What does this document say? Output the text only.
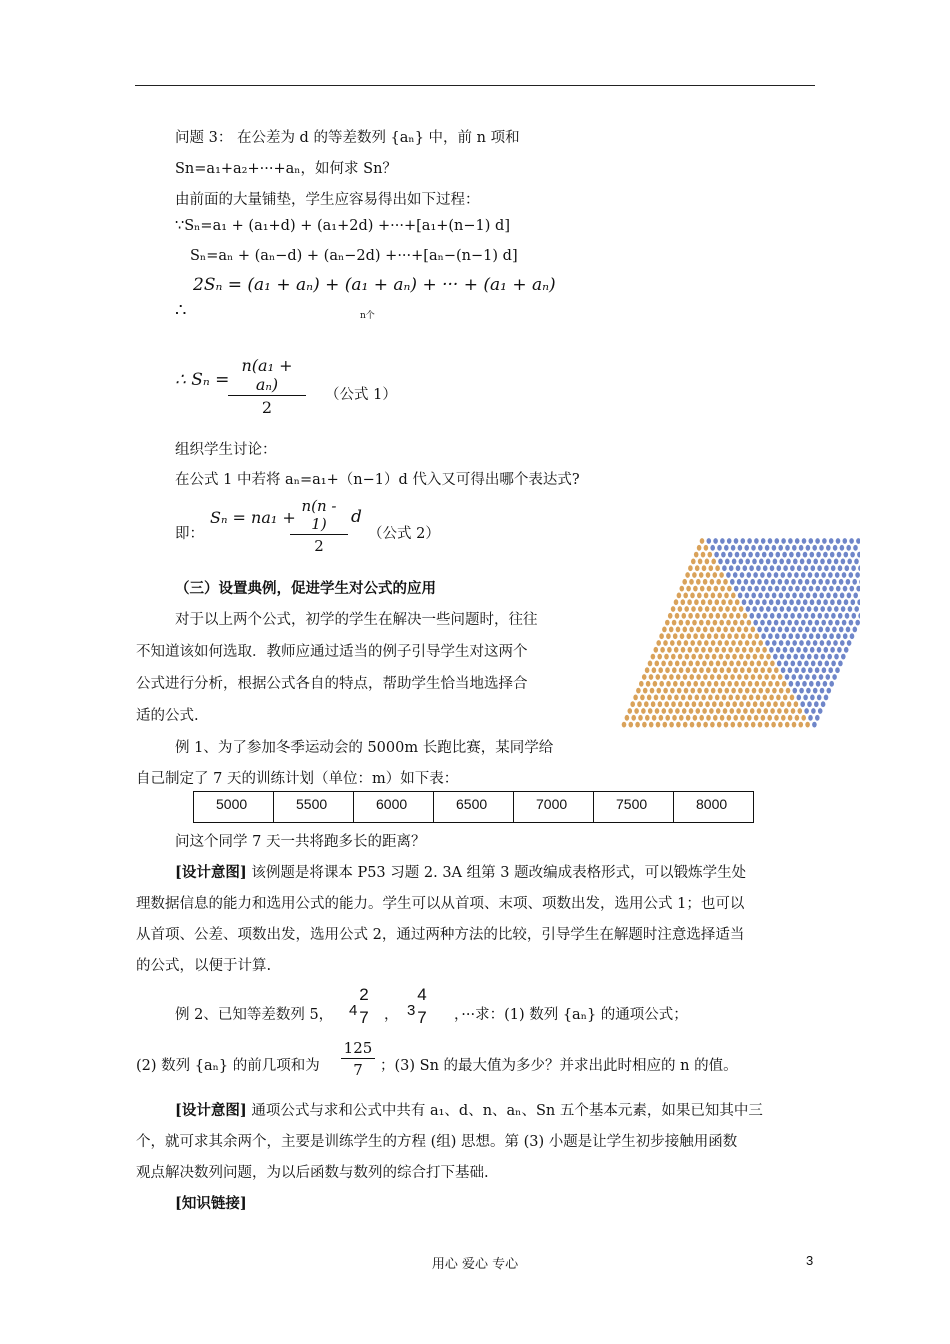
问题 3： 在公差为 d 的等差数列 {aₙ} 中，前 n 项和
Sn=a₁+a₂+···+aₙ，如何求 Sn？
由前面的大量铺垫，学生应容易得出如下过程：
∵Sₙ=a₁ + (a₁+d) + (a₁+2d) +···+[a₁+(n−1) d]
Sₙ=aₙ + (aₙ−d) + (aₙ−2d) +···+[aₙ−(n−1) d]
2Sₙ = (a₁ + aₙ) + (a₁ + aₙ) + ··· + (a₁ + aₙ)
∴	n个
∴ Sₙ =
$\frac{\text{n(a₁ + aₙ)}}{2}$ （公式 1）
组织学生讨论：
在公式 1 中若将 aₙ=a₁+（n−1）d 代入又可得出哪个表达式?
即：
Sₙ = na₁ +
$\frac{n(n - 1)}{2}$ d
（公式 2）
（三）设置典例，促进学生对公式的应用
对于以上两个公式，初学的学生在解决一些问题时，往往
不知道该如何选取．教师应通过适当的例子引导学生对这两个
公式进行分析，根据公式各自的特点，帮助学生恰当地选择合
适的公式.
例 1、为了参加冬季运动会的 5000m 长跑比赛，某同学给
自己制定了 7 天的训练计划（单位：m）如下表：
5000	5500	6000	6500	7000	7500	8000
问这个同学 7 天一共将跑多长的距离？
[设计意图] 该例题是将课本 P53 习题 2. 3A 组第 3 题改编成表格形式，可以锻炼学生处
理数据信息的能力和选用公式的能力。学生可以从首项、末项、项数出发，选用公式 1；也可以
从首项、公差、项数出发，选用公式 2，通过两种方法的比较，引导学生在解题时注意选择适当
的公式，以便于计算.
例 2、已知等差数列 5， 4
2
7 ， 3
4
7 ，···求：(1) 数列 {aₙ} 的通项公式；
(2) 数列 {aₙ} 的前几项和为 $\frac{125}{7}$ ；(3) Sn 的最大值为多少？并求出此时相应的 n 的值。
[设计意图] 通项公式与求和公式中共有 a₁、d、n、aₙ、Sn 五个基本元素，如果已知其中三
个，就可求其余两个，主要是训练学生的方程 (组) 思想。第 (3) 小题是让学生初步接触用函数
观点解决数列问题，为以后函数与数列的综合打下基础.
[知识链接]
用心 爱心 专心	3
